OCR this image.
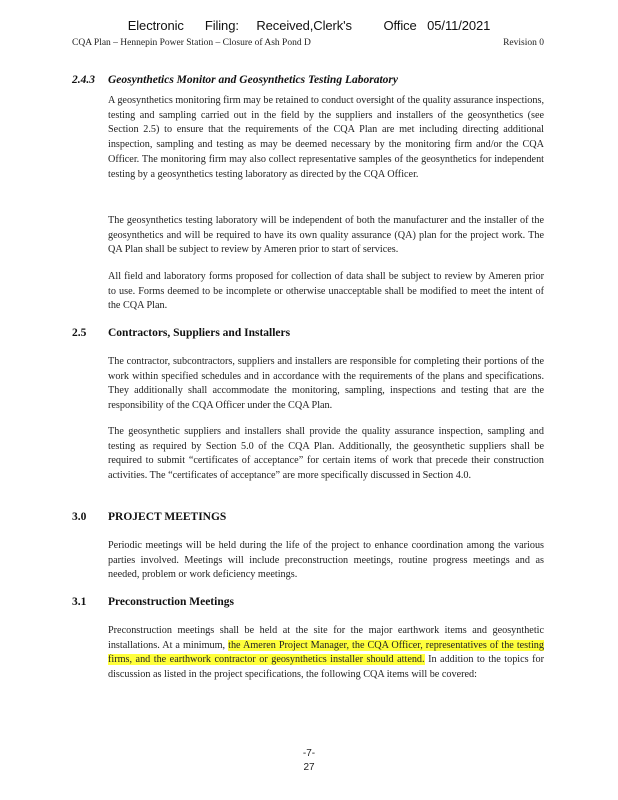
Electronic      Filing:     Received,Clerk's         Office   05/11/2021
CQA Plan – Hennepin Power Station – Closure of Ash Pond D	Revision 0
2.4.3 Geosynthetics Monitor and Geosynthetics Testing Laboratory

A geosynthetics monitoring firm may be retained to conduct oversight of the quality assurance inspections, testing and sampling carried out in the field by the suppliers and installers of the geosynthetics (see Section 2.5) to ensure that the requirements of the CQA Plan are met including directing additional inspection, sampling and testing as may be deemed necessary by the monitoring firm and/or the CQA Officer. The monitoring firm may also collect representative samples of the geosynthetics for independent testing by a geosynthetics testing laboratory as directed by the CQA Officer.

The geosynthetics testing laboratory will be independent of both the manufacturer and the installer of the geosynthetics and will be required to have its own quality assurance (QA) plan for the project work. The QA Plan shall be subject to review by Ameren prior to start of services.

All field and laboratory forms proposed for collection of data shall be subject to review by Ameren prior to use. Forms deemed to be incomplete or otherwise unacceptable shall be modified to meet the intent of the CQA Plan.

2.5 Contractors, Suppliers and Installers

The contractor, subcontractors, suppliers and installers are responsible for completing their portions of the work within specified schedules and in accordance with the requirements of the plans and specifications. They additionally shall accommodate the monitoring, sampling, inspections and testing that are the responsibility of the CQA Officer under the CQA Plan.

The geosynthetic suppliers and installers shall provide the quality assurance inspection, sampling and testing as required by Section 5.0 of the CQA Plan. Additionally, the geosynthetic suppliers shall be required to submit “certificates of acceptance” for certain items of work that precede their construction activities. The “certificates of acceptance” are more specifically discussed in Section 4.0.

3.0 PROJECT MEETINGS

Periodic meetings will be held during the life of the project to enhance coordination among the various parties involved. Meetings will include preconstruction meetings, routine progress meetings and as needed, problem or work deficiency meetings.

3.1 Preconstruction Meetings

Preconstruction meetings shall be held at the site for the major earthwork items and geosynthetic installations. At a minimum, the Ameren Project Manager, the CQA Officer, representatives of the testing firms, and the earthwork contractor or geosynthetics installer should attend. In addition to the topics for discussion as listed in the project specifications, the following CQA items will be covered:

-7-
27
